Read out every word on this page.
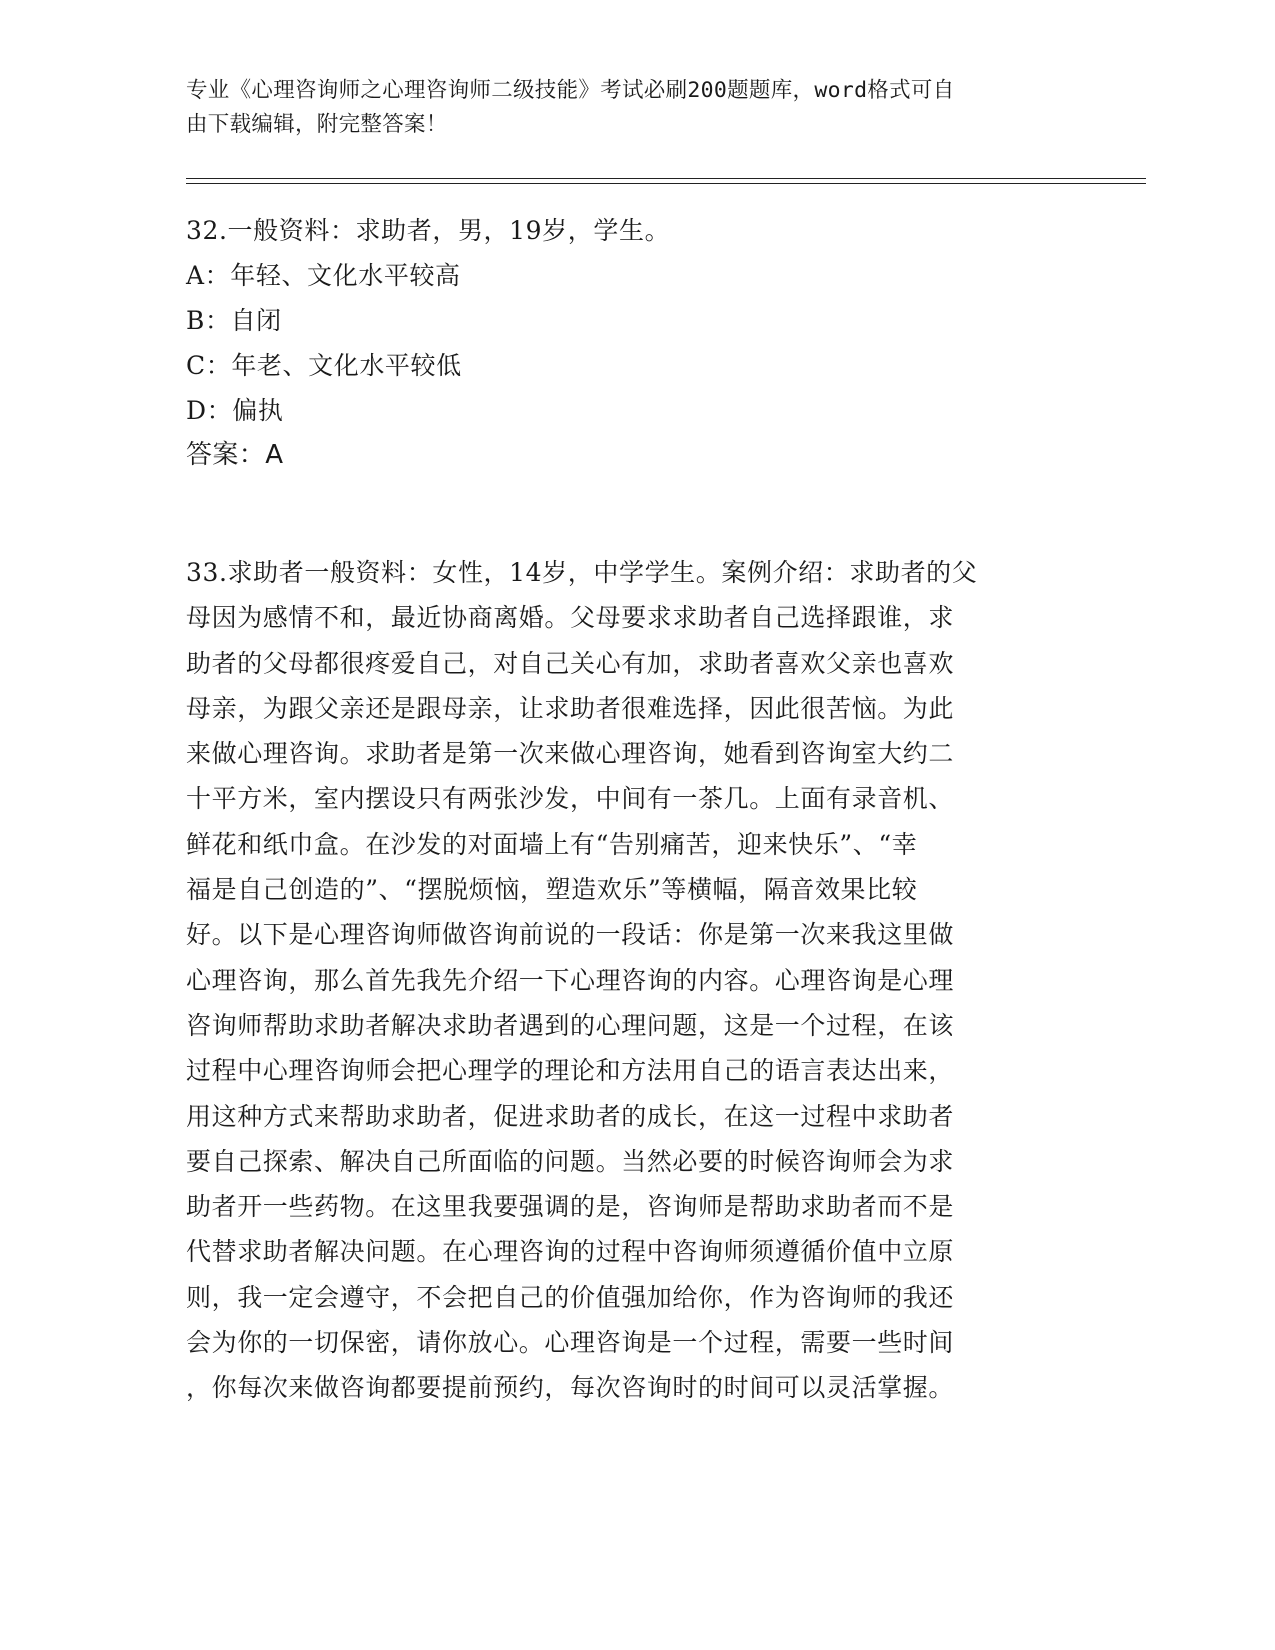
专业《心理咨询师之心理咨询师二级技能》考试必刷200题题库，word格式可自
由下载编辑，附完整答案！
32.一般资料：求助者，男，19岁，学生。
A：年轻、文化水平较高
B：自闭
C：年老、文化水平较低
D：偏执
答案：A
33.求助者一般资料：女性，14岁，中学学生。案例介绍：求助者的父
母因为感情不和，最近协商离婚。父母要求求助者自己选择跟谁，求
助者的父母都很疼爱自己，对自己关心有加，求助者喜欢父亲也喜欢
母亲，为跟父亲还是跟母亲，让求助者很难选择，因此很苦恼。为此
来做心理咨询。求助者是第一次来做心理咨询，她看到咨询室大约二
十平方米，室内摆设只有两张沙发，中间有一茶几。上面有录音机、
鲜花和纸巾盒。在沙发的对面墙上有“告别痛苦，迎来快乐”、“幸
福是自己创造的”、“摆脱烦恼，塑造欢乐”等横幅，隔音效果比较
好。以下是心理咨询师做咨询前说的一段话：你是第一次来我这里做
心理咨询，那么首先我先介绍一下心理咨询的内容。心理咨询是心理
咨询师帮助求助者解决求助者遇到的心理问题，这是一个过程，在该
过程中心理咨询师会把心理学的理论和方法用自己的语言表达出来，
用这种方式来帮助求助者，促进求助者的成长，在这一过程中求助者
要自己探索、解决自己所面临的问题。当然必要的时候咨询师会为求
助者开一些药物。在这里我要强调的是，咨询师是帮助求助者而不是
代替求助者解决问题。在心理咨询的过程中咨询师须遵循价值中立原
则，我一定会遵守，不会把自己的价值强加给你，作为咨询师的我还
会为你的一切保密，请你放心。心理咨询是一个过程，需要一些时间
，你每次来做咨询都要提前预约，每次咨询时的时间可以灵活掌握。
